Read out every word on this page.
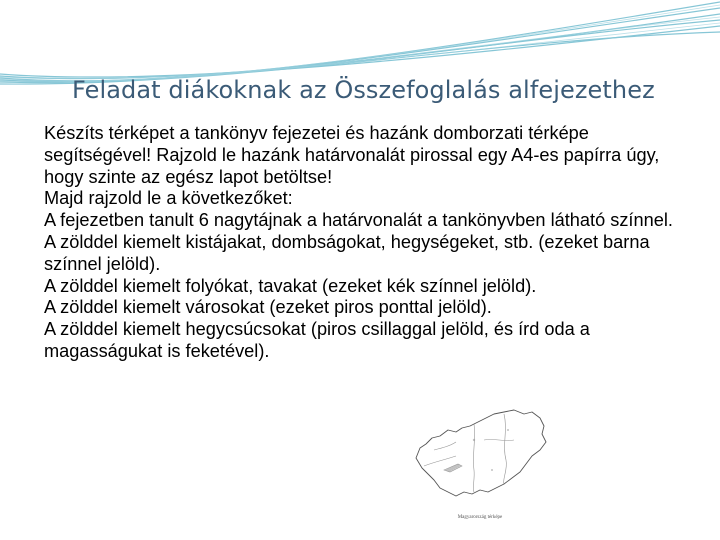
Feladat diákoknak az Összefoglalás alfejezethez

Készíts térképet a tankönyv fejezetei és hazánk domborzati térképe segítségével! Rajzold le hazánk határvonalát pirossal egy A4-es papírra úgy, hogy szinte az egész lapot betöltse!

Majd rajzold le a következőket:

A fejezetben tanult 6 nagytájnak a határvonalát a tankönyvben látható színnel.

A zölddel kiemelt kistájakat, dombságokat, hegységeket, stb. (ezeket barna színnel jelöld).

A zölddel kiemelt folyókat, tavakat (ezeket kék színnel jelöld).

A zölddel kiemelt városokat (ezeket piros ponttal jelöld).

A zölddel kiemelt hegycsúcsokat (piros csillaggal jelöld, és írd oda a magasságukat is feketével).

Magyarország térképe
